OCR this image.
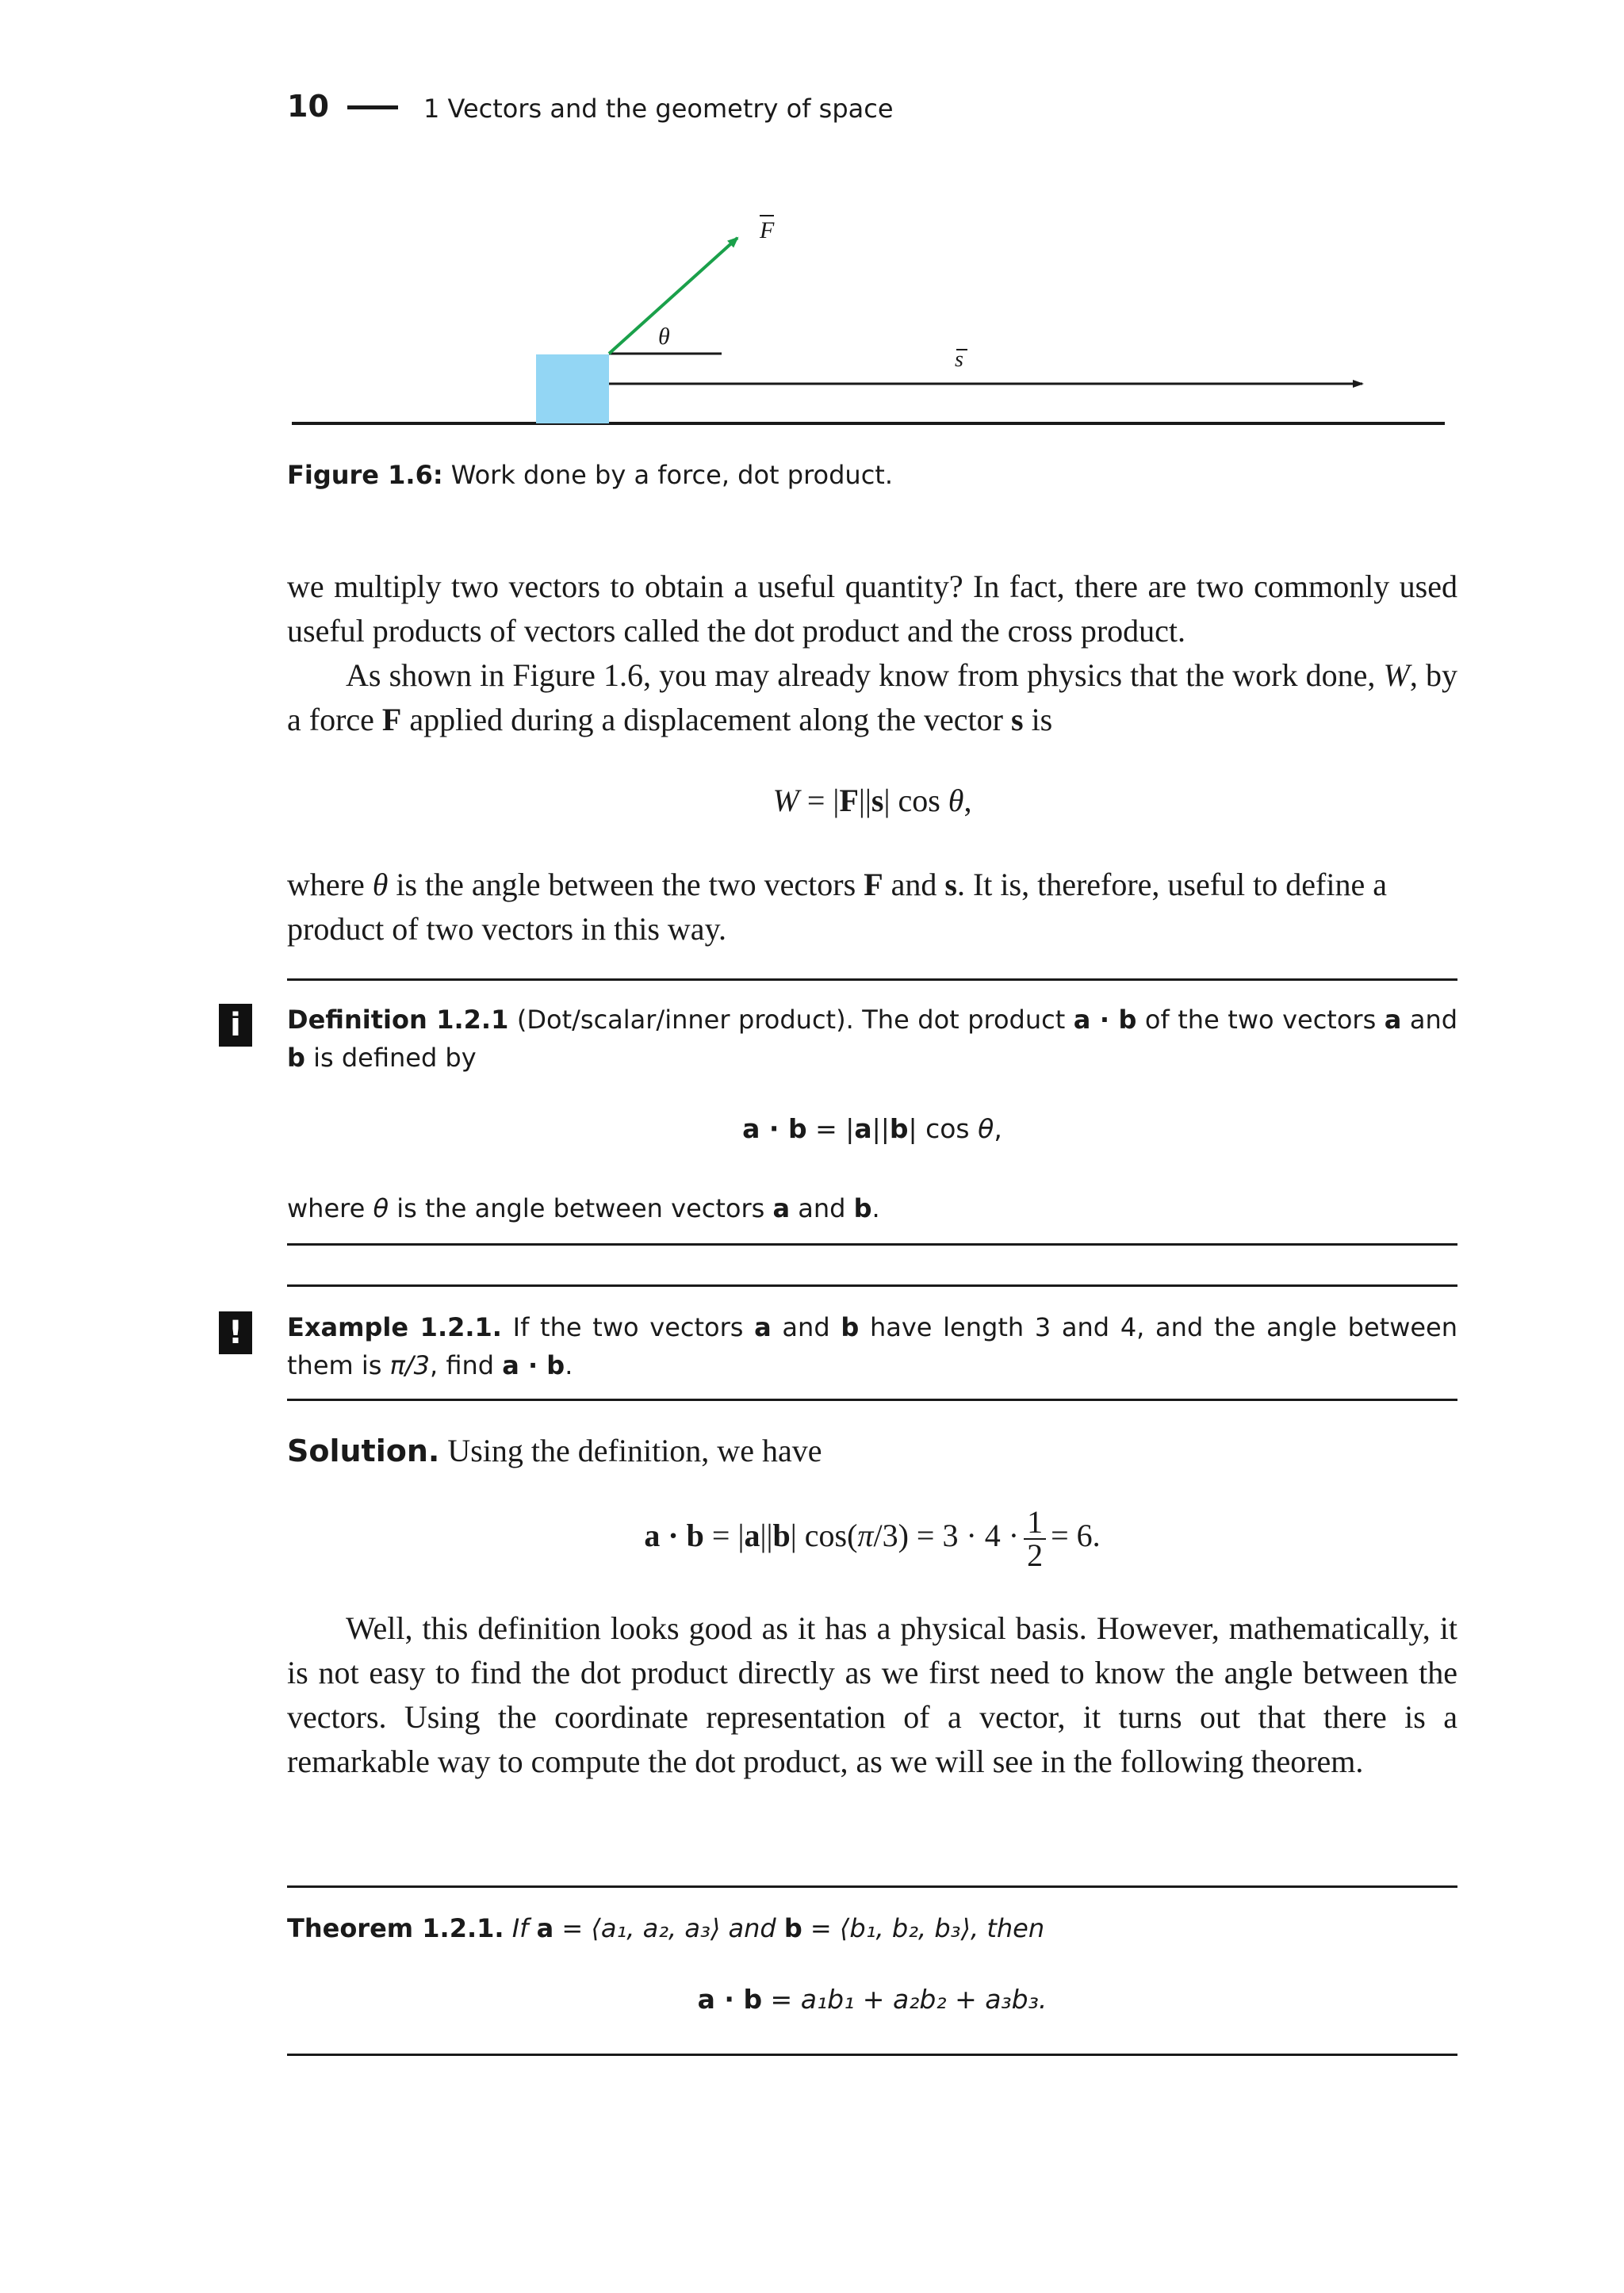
10	1 Vectors and the geometry of space
F
θ
s
Figure 1.6: Work done by a force, dot product.
we multiply two vectors to obtain a useful quantity? In fact, there are two commonly used useful products of vectors called the dot product and the cross product.
As shown in Figure 1.6, you may already know from physics that the work done, W, by a force F applied during a displacement along the vector s is
W = |F||s| cos θ,
where θ is the angle between the two vectors F and s. It is, therefore, useful to define a product of two vectors in this way.
i	Definition 1.2.1 (Dot/scalar/inner product). The dot product a · b of the two vectors a and b is defined by
a · b = |a||b| cos θ,
where θ is the angle between vectors a and b.
!	Example 1.2.1. If the two vectors a and b have length 3 and 4, and the angle between them is π/3, find a · b.
Solution. Using the definition, we have
a · b = |a||b| $\cos(\pi/3) = 3 \cdot 4 \cdot \frac{1}{2} = 6$.
Well, this definition looks good as it has a physical basis. However, mathematically, it is not easy to find the dot product directly as we first need to know the angle between the vectors. Using the coordinate representation of a vector, it turns out that there is a remarkable way to compute the dot product, as we will see in the following theorem.
Theorem 1.2.1. If a = ⟨a₁, a₂, a₃⟩ and b = ⟨b₁, b₂, b₃⟩, then
a · b = a₁b₁ + a₂b₂ + a₃b₃.
